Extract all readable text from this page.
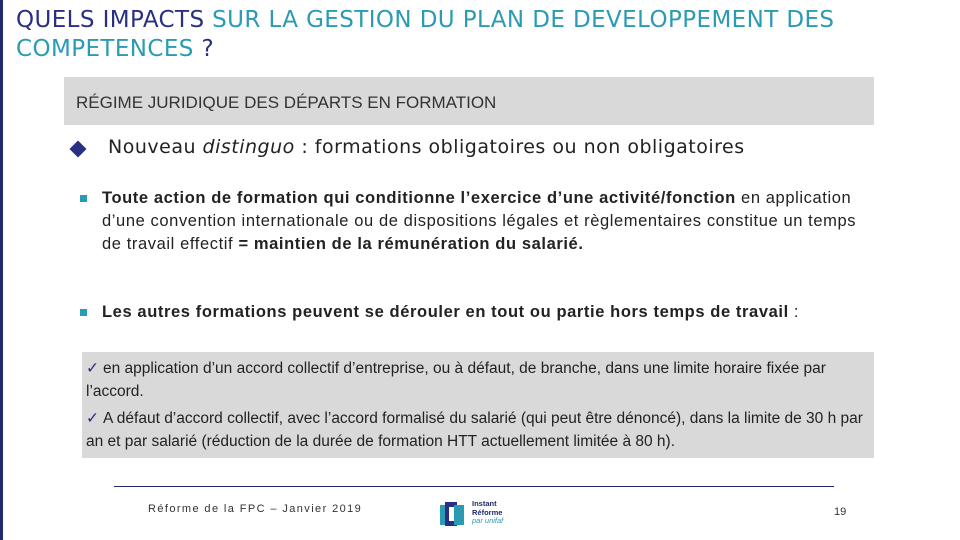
QUELS IMPACTS SUR LA GESTION DU PLAN DE DEVELOPPEMENT DES COMPETENCES ?
RÉGIME JURIDIQUE DES DÉPARTS EN FORMATION
Nouveau distinguo : formations obligatoires ou non obligatoires
Toute action de formation qui conditionne l’exercice d’une activité/fonction en application d’une convention internationale ou de dispositions légales et règlementaires constitue un temps de travail effectif = maintien de la rémunération du salarié.
Les autres formations peuvent se dérouler en tout ou partie hors temps de travail :
✓ en application d’un accord collectif d’entreprise, ou à défaut, de branche, dans une limite horaire fixée par l’accord.
✓ A défaut d’accord collectif, avec l’accord formalisé du salarié (qui peut être dénoncé), dans la limite de 30 h par an et par salarié (réduction de la durée de formation HTT actuellement limitée à 80 h).
Réforme de la FPC – Janvier 2019	Instant
Réforme
par unifaf
19
